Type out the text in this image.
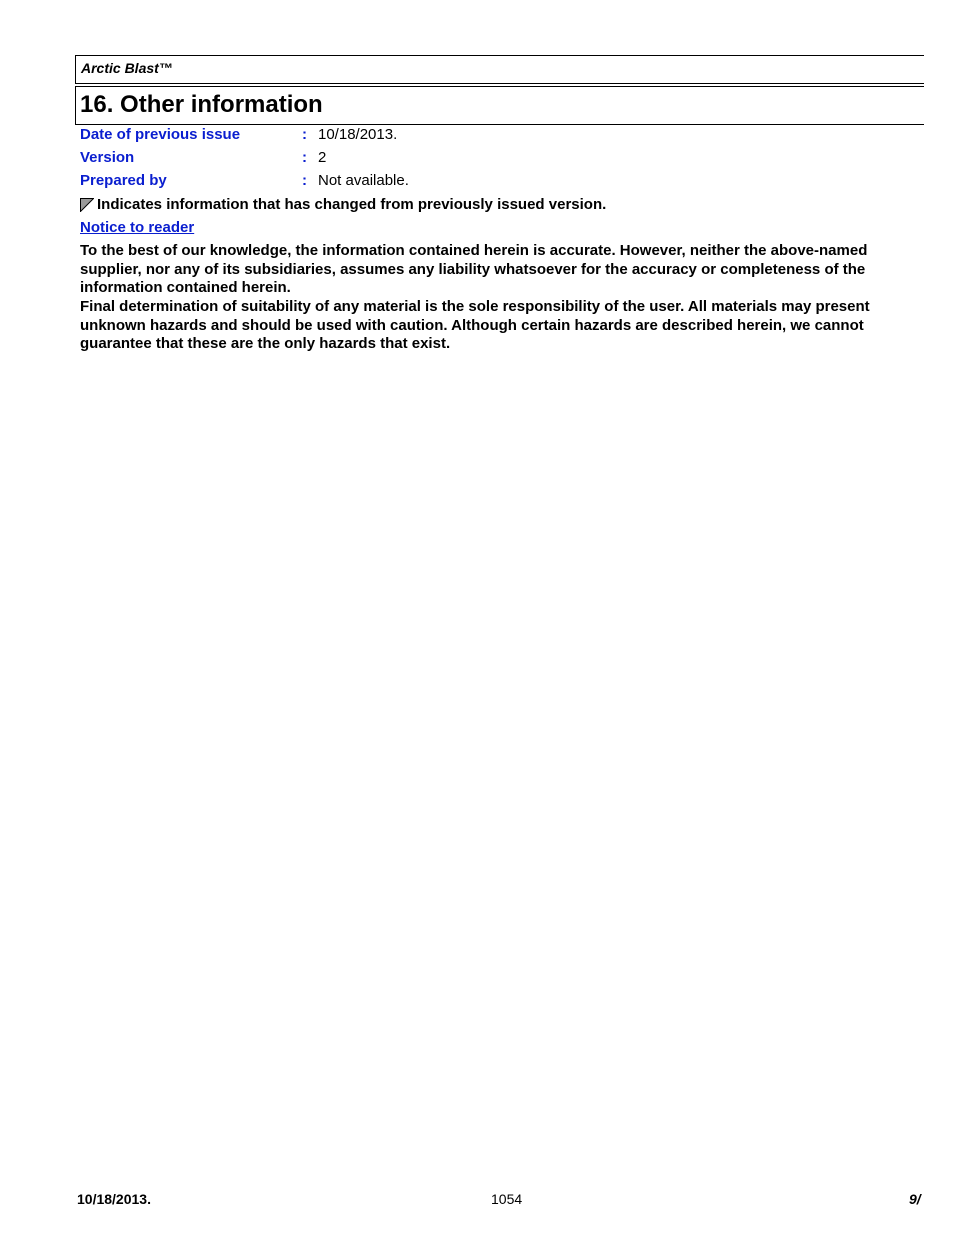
Arctic Blast™
16. Other information
Date of previous issue	: 10/18/2013.
Version	: 2
Prepared by	: Not available.
Indicates information that has changed from previously issued version.
Notice to reader

To the best of our knowledge, the information contained herein is accurate. However, neither the above-named supplier, nor any of its subsidiaries, assumes any liability whatsoever for the accuracy or completeness of the information contained herein.

Final determination of suitability of any material is the sole responsibility of the user. All materials may present unknown hazards and should be used with caution. Although certain hazards are described herein, we cannot guarantee that these are the only hazards that exist.

10/18/2013.	1054	9/
